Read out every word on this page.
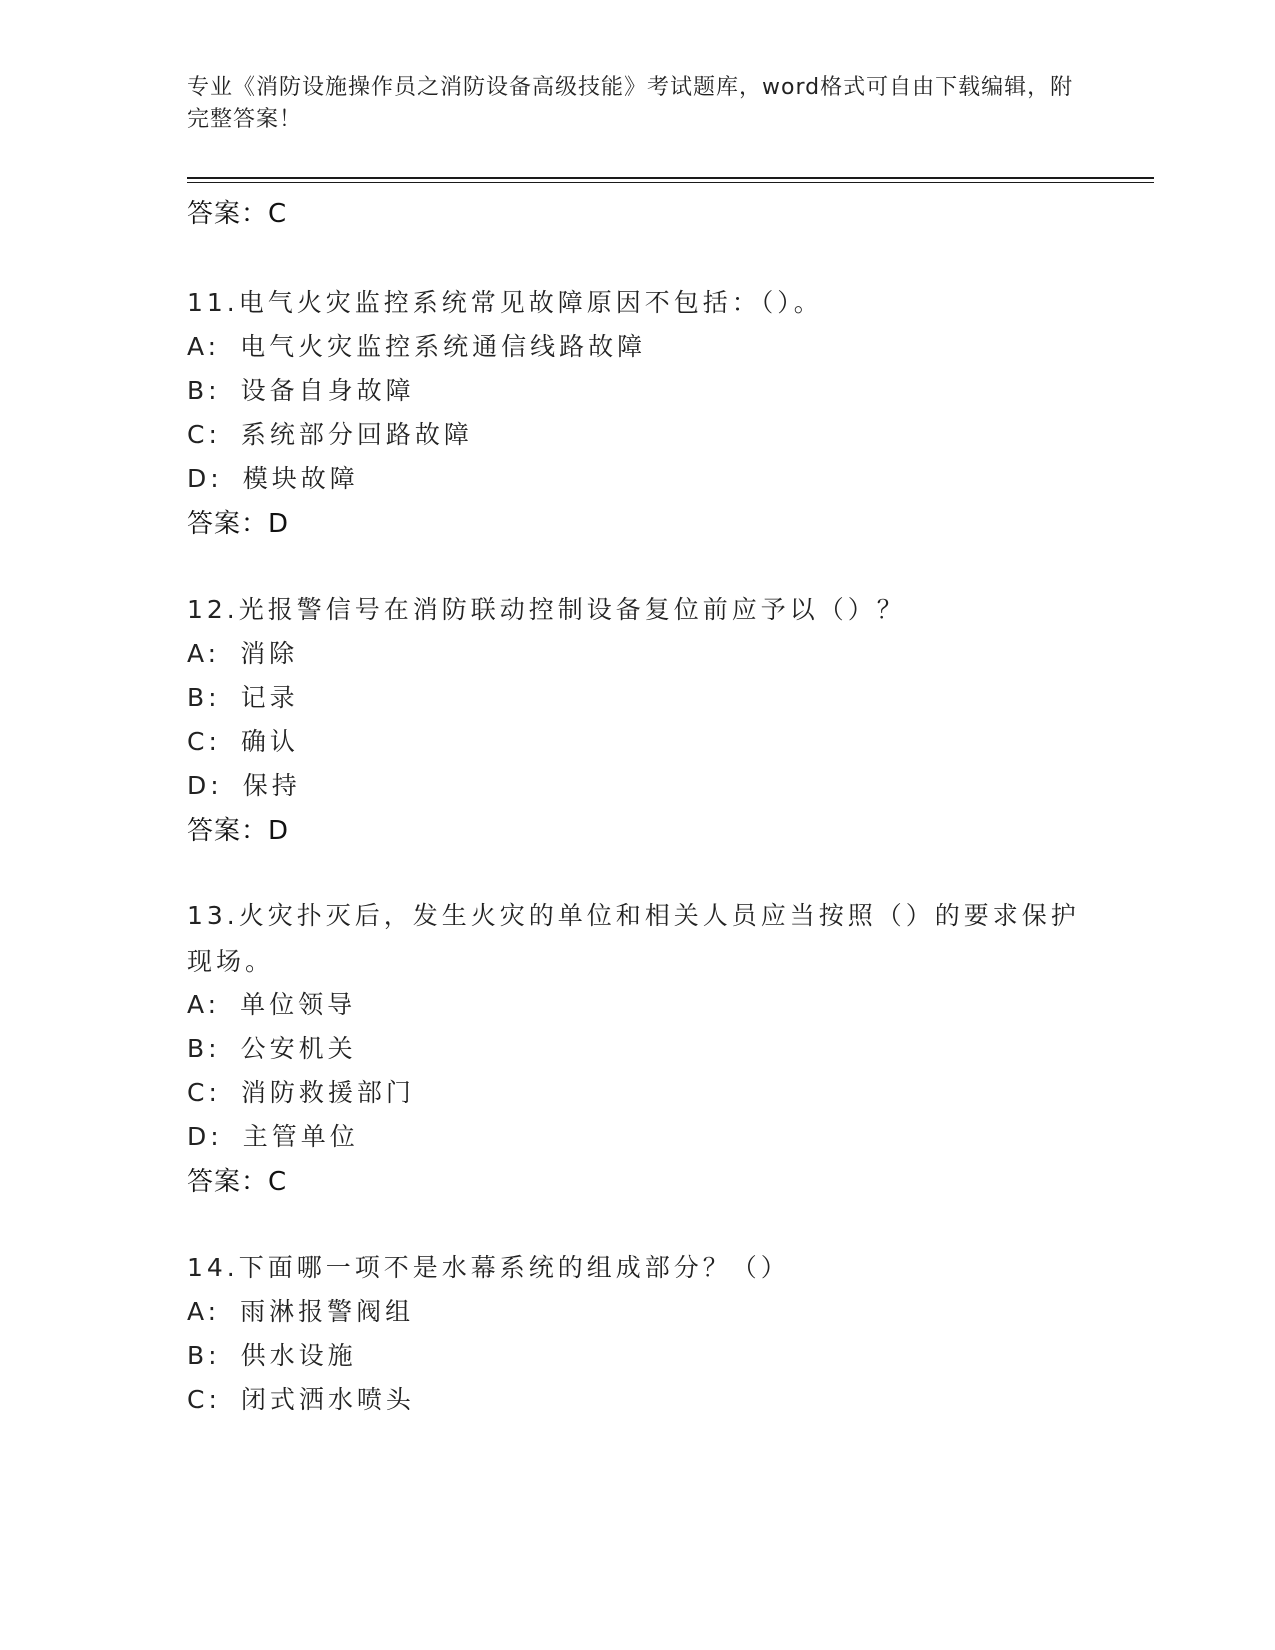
专业《消防设施操作员之消防设备高级技能》考试题库，word格式可自由下载编辑，附完整答案！
答案：C
11.电气火灾监控系统常见故障原因不包括：（）。
A: 电气火灾监控系统通信线路故障
B: 设备自身故障
C: 系统部分回路故障
D: 模块故障
答案：D
12.光报警信号在消防联动控制设备复位前应予以（）？
A: 消除
B: 记录
C: 确认
D: 保持
答案：D
13.火灾扑灭后，发生火灾的单位和相关人员应当按照（）的要求保护现场。
A: 单位领导
B: 公安机关
C: 消防救援部门
D: 主管单位
答案：C
14.下面哪一项不是水幕系统的组成部分？（）
A: 雨淋报警阀组
B: 供水设施
C: 闭式洒水喷头
